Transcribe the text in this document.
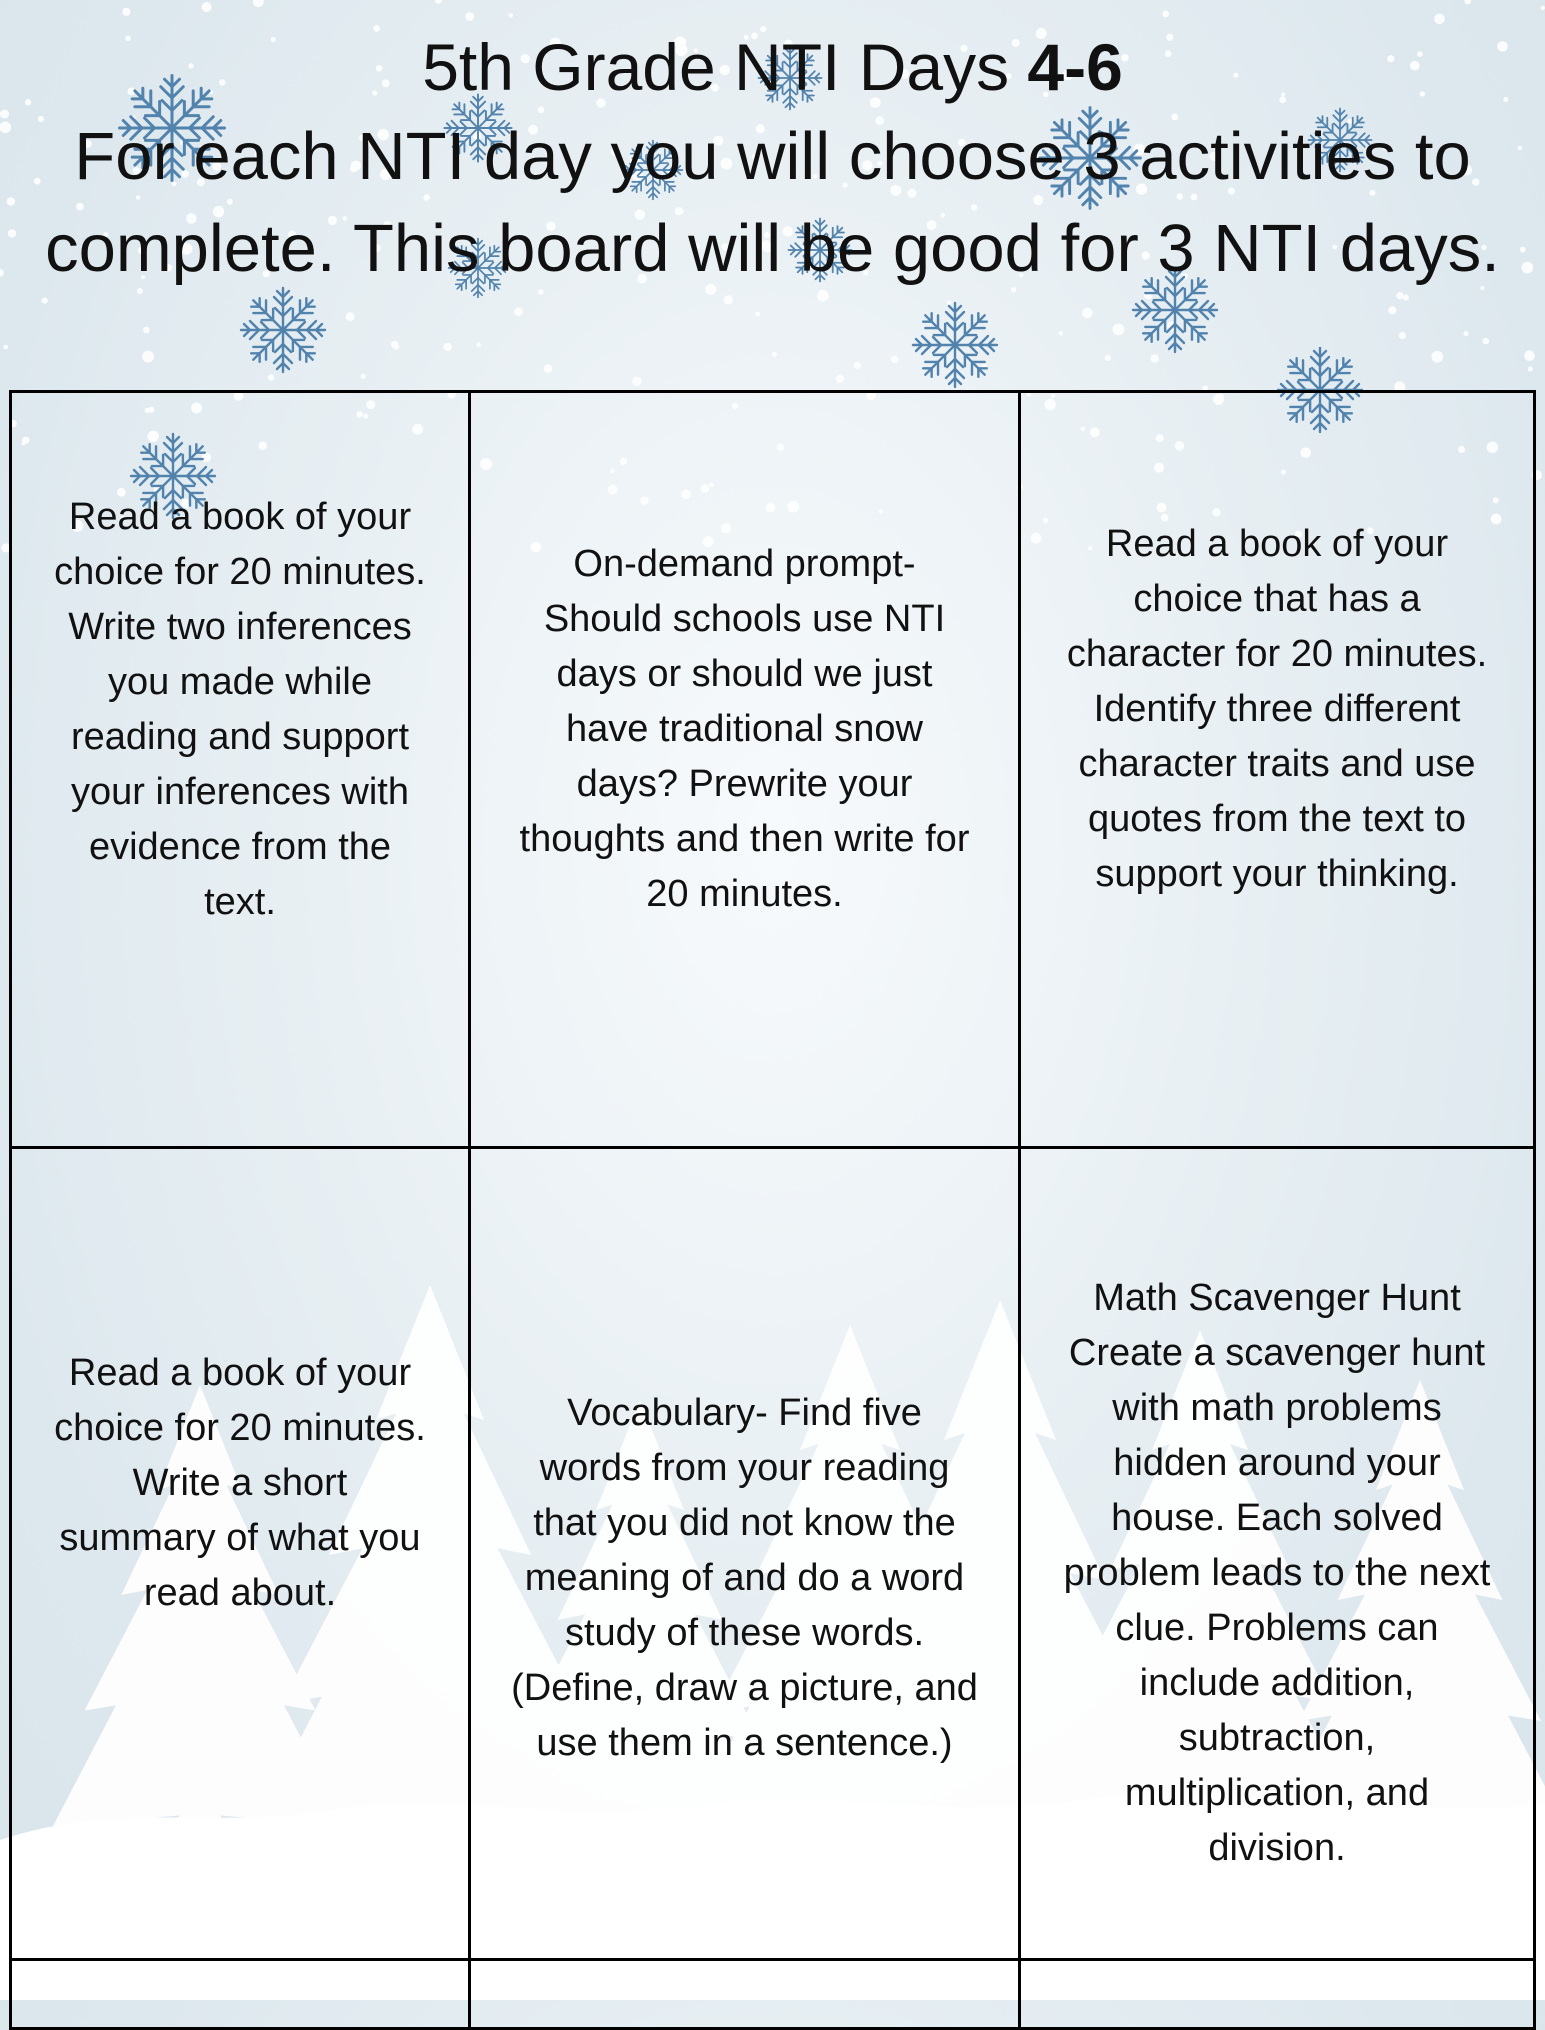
5th Grade NTI Days 4-6
For each NTI day you will choose 3 activities to
complete. This board will be good for 3 NTI days.
Read a book of your
choice for 20 minutes.
Write two inferences
you made while
reading and support
your inferences with
evidence from the
text.
On-demand prompt-
Should schools use NTI
days or should we just
have traditional snow
days? Prewrite your
thoughts and then write for
20 minutes.
Read a book of your
choice that has a
character for 20 minutes.
Identify three different
character traits and use
quotes from the text to
support your thinking.
Read a book of your
choice for 20 minutes.
Write a short
summary of what you
read about.
Vocabulary- Find five
words from your reading
that you did not know the
meaning of and do a word
study of these words.
(Define, draw a picture, and
use them in a sentence.)
Math Scavenger Hunt
Create a scavenger hunt
with math problems
hidden around your
house. Each solved
problem leads to the next
clue. Problems can
include addition,
subtraction,
multiplication, and
division.
